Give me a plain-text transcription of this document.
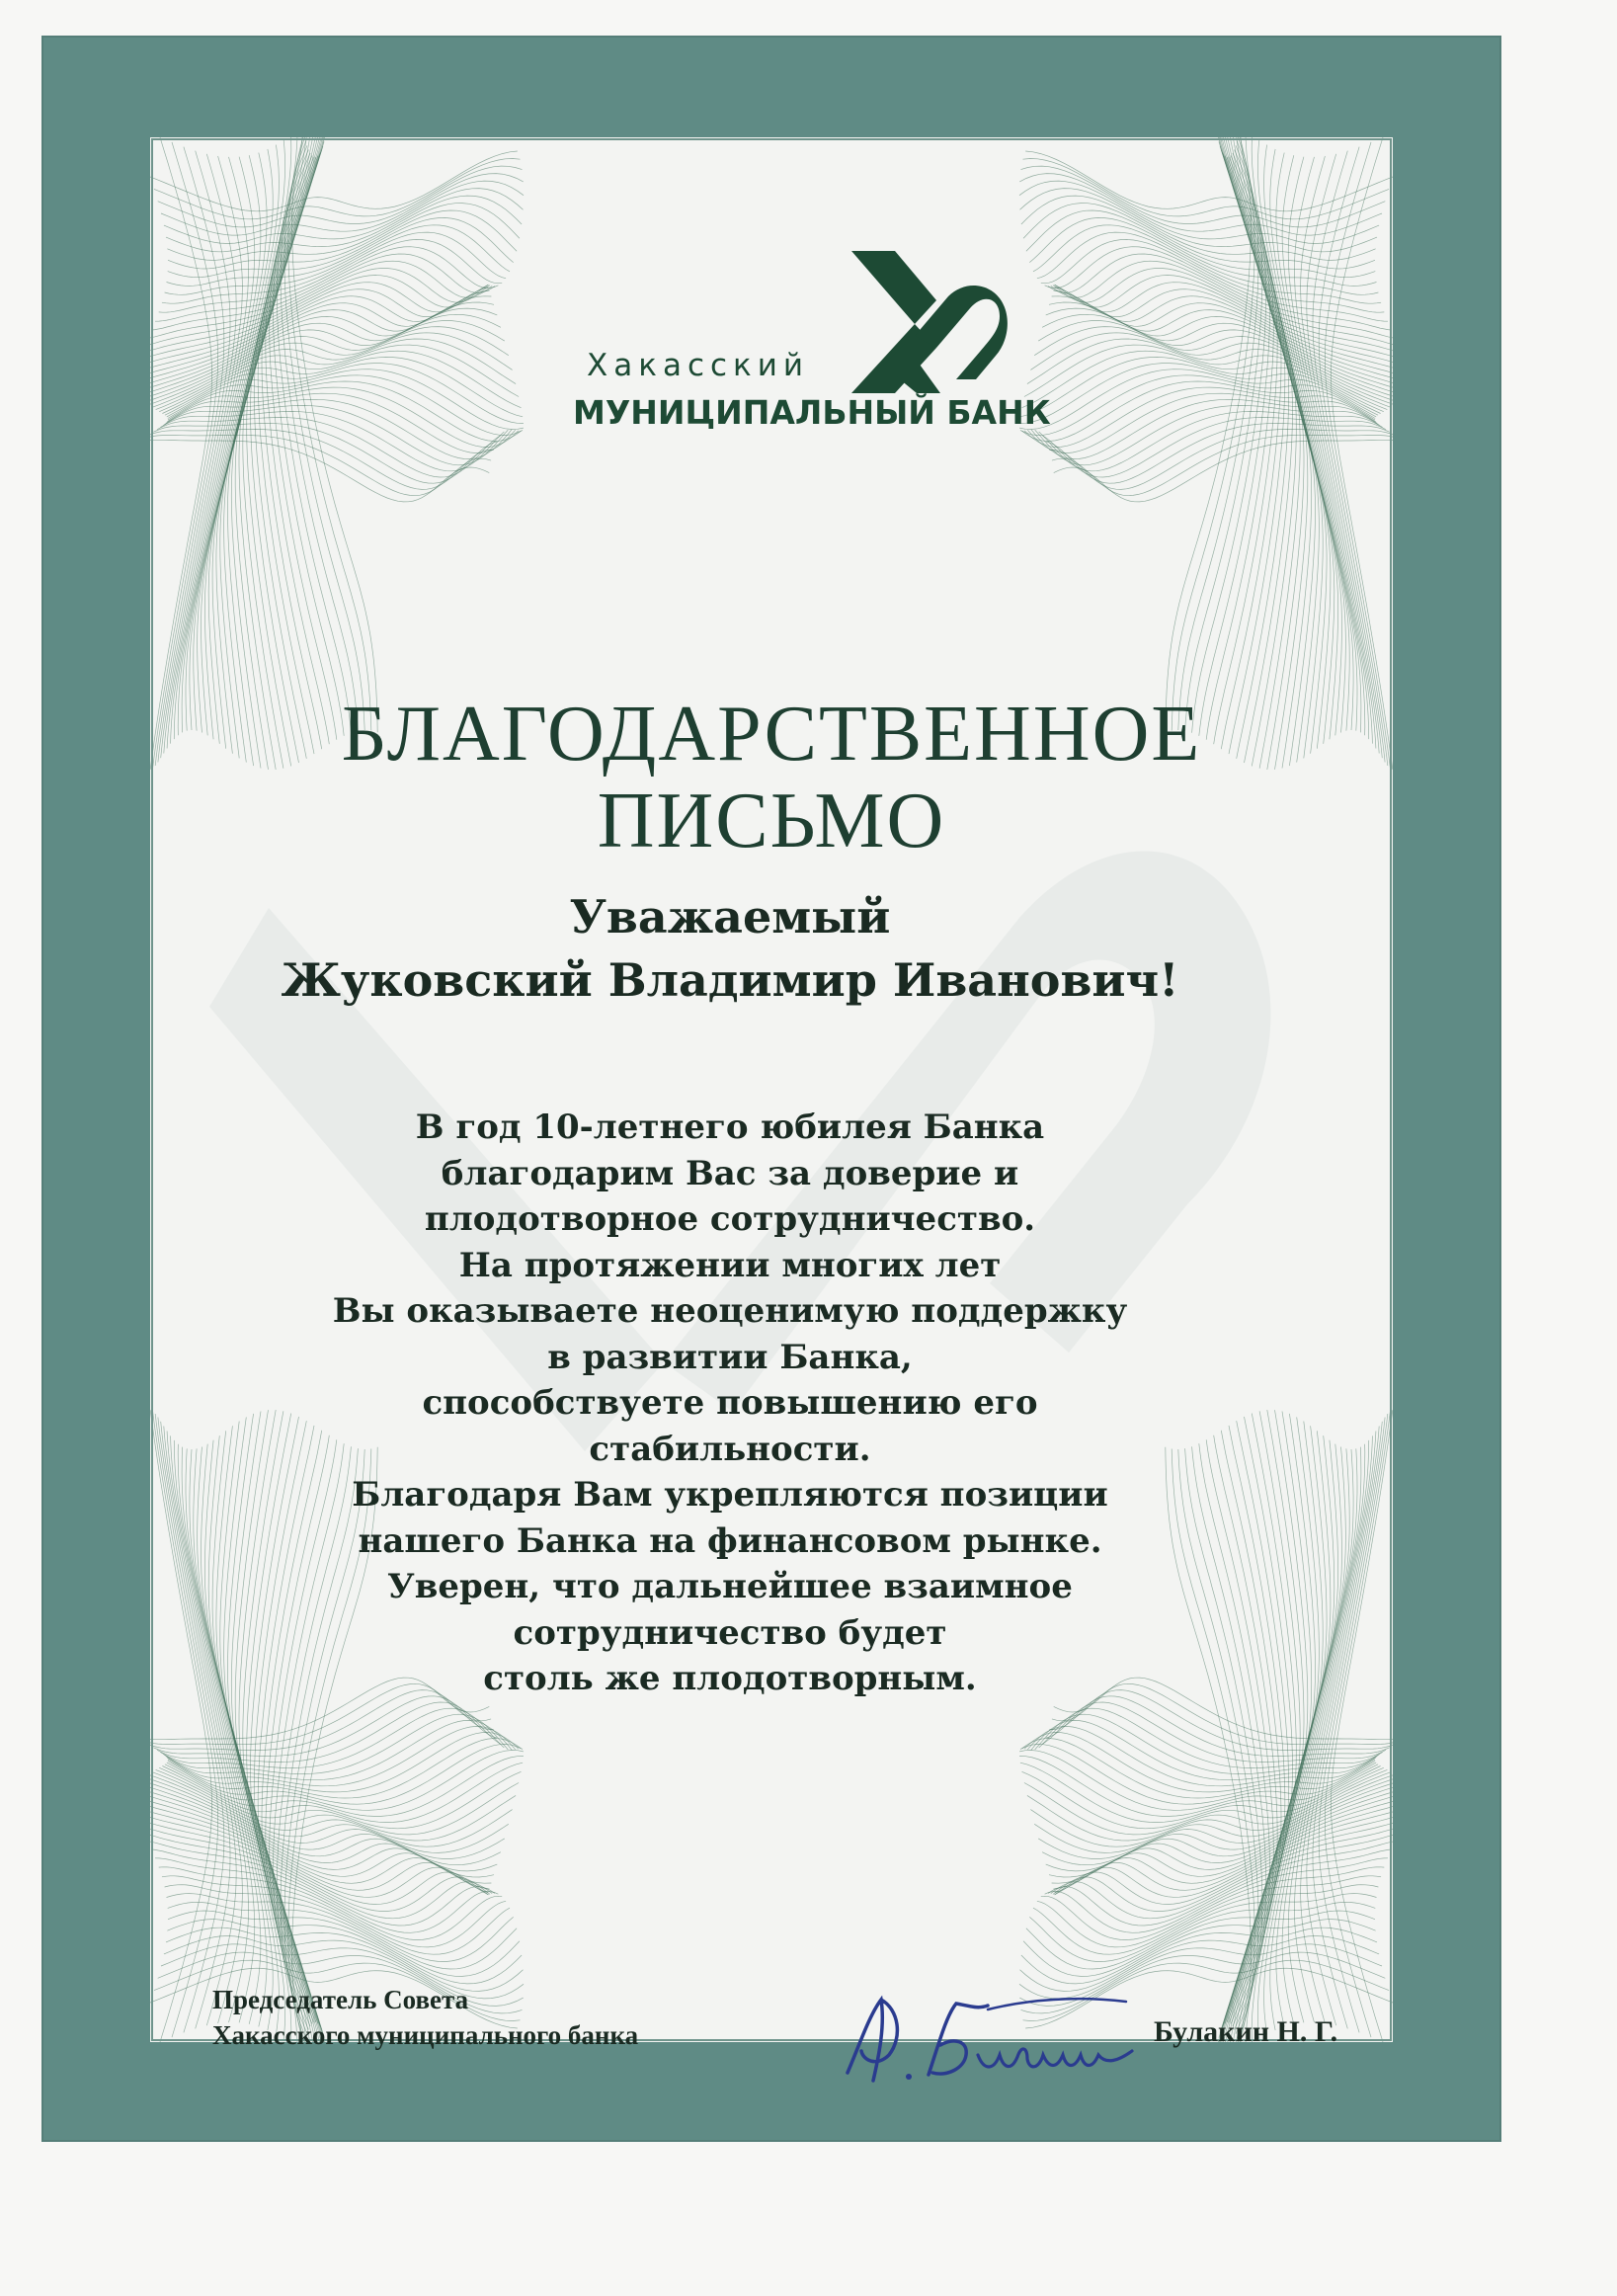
БЛАГОДАРСТВЕННОЕ
ПИСЬМО
Хакасский
МУНИЦИПАЛЬНЫЙ БАНК
Уважаемый
Жуковский Владимир Иванович!
В год 10-летнего юбилея Банка
благодарим Вас за доверие и
плодотворное сотрудничество.
На протяжении многих лет
Вы оказываете неоценимую поддержку
в развитии Банка,
способствуете повышению его
стабильности.
Благодаря Вам укрепляются позиции
нашего Банка на финансовом рынке.
Уверен, что дальнейшее взаимное
сотрудничество будет
столь же плодотворным.
Председатель Совета
Хакасского муниципального банка	Булакин Н. Г.
